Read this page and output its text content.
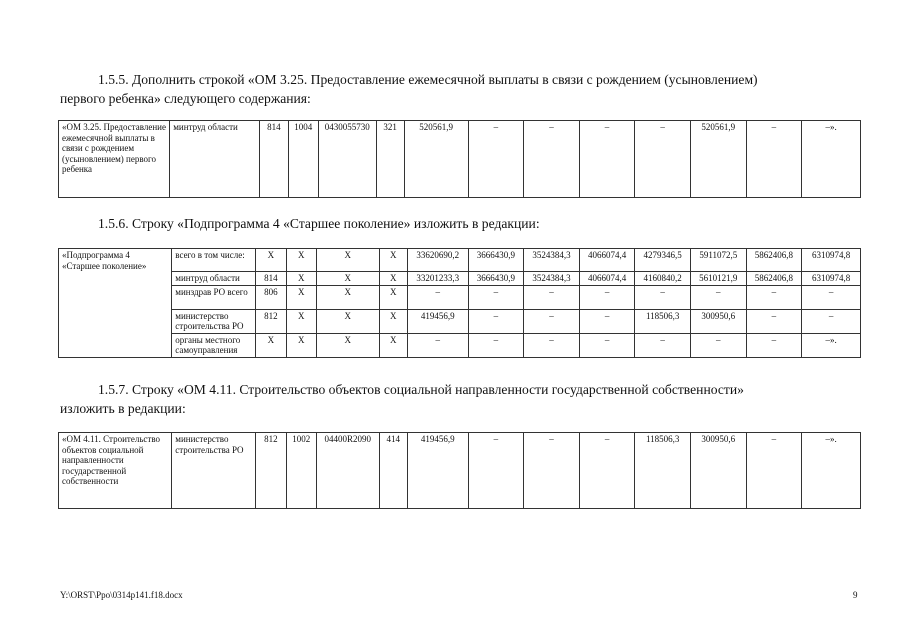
1.5.5. Дополнить строкой «ОМ 3.25. Предоставление ежемесячной выплаты в связи с рождением (усыновлением)
первого ребенка» следующего содержания:
«ОМ 3.25. Предоставление ежемесячной выплаты в связи с рождением (усыновлением) первого ребенка	минтруд области	814	1004	0430055730	321	520561,9	–	–	–	–	520561,9	–	–».
1.5.6. Строку «Подпрограмма 4 «Старшее поколение» изложить в редакции:
«Подпрограмма 4 «Старшее поколение»	всего в том числе:	X	X	X	X	33620690,2	3666430,9	3524384,3	4066074,4	4279346,5	5911072,5	5862406,8	6310974,8
	минтруд области	814	X	X	X	33201233,3	3666430,9	3524384,3	4066074,4	4160840,2	5610121,9	5862406,8	6310974,8
	минздрав РО всего	806	X	X	X	–	–	–	–	–	–	–	–
	министерство строительства РО	812	X	X	X	419456,9	–	–	–	118506,3	300950,6	–	–
	органы местного самоуправления	X	X	X	X	–	–	–	–	–	–	–	–».
1.5.7. Строку «ОМ 4.11. Строительство объектов социальной направленности государственной собственности»
изложить в редакции:
«ОМ 4.11. Строительство объектов социальной направленности государственной собственности	министерство строительства РО	812	1002	04400R2090	414	419456,9	–	–	–	118506,3	300950,6	–	–».
Y:\ORST\Ppo\0314p141.f18.docx	9
